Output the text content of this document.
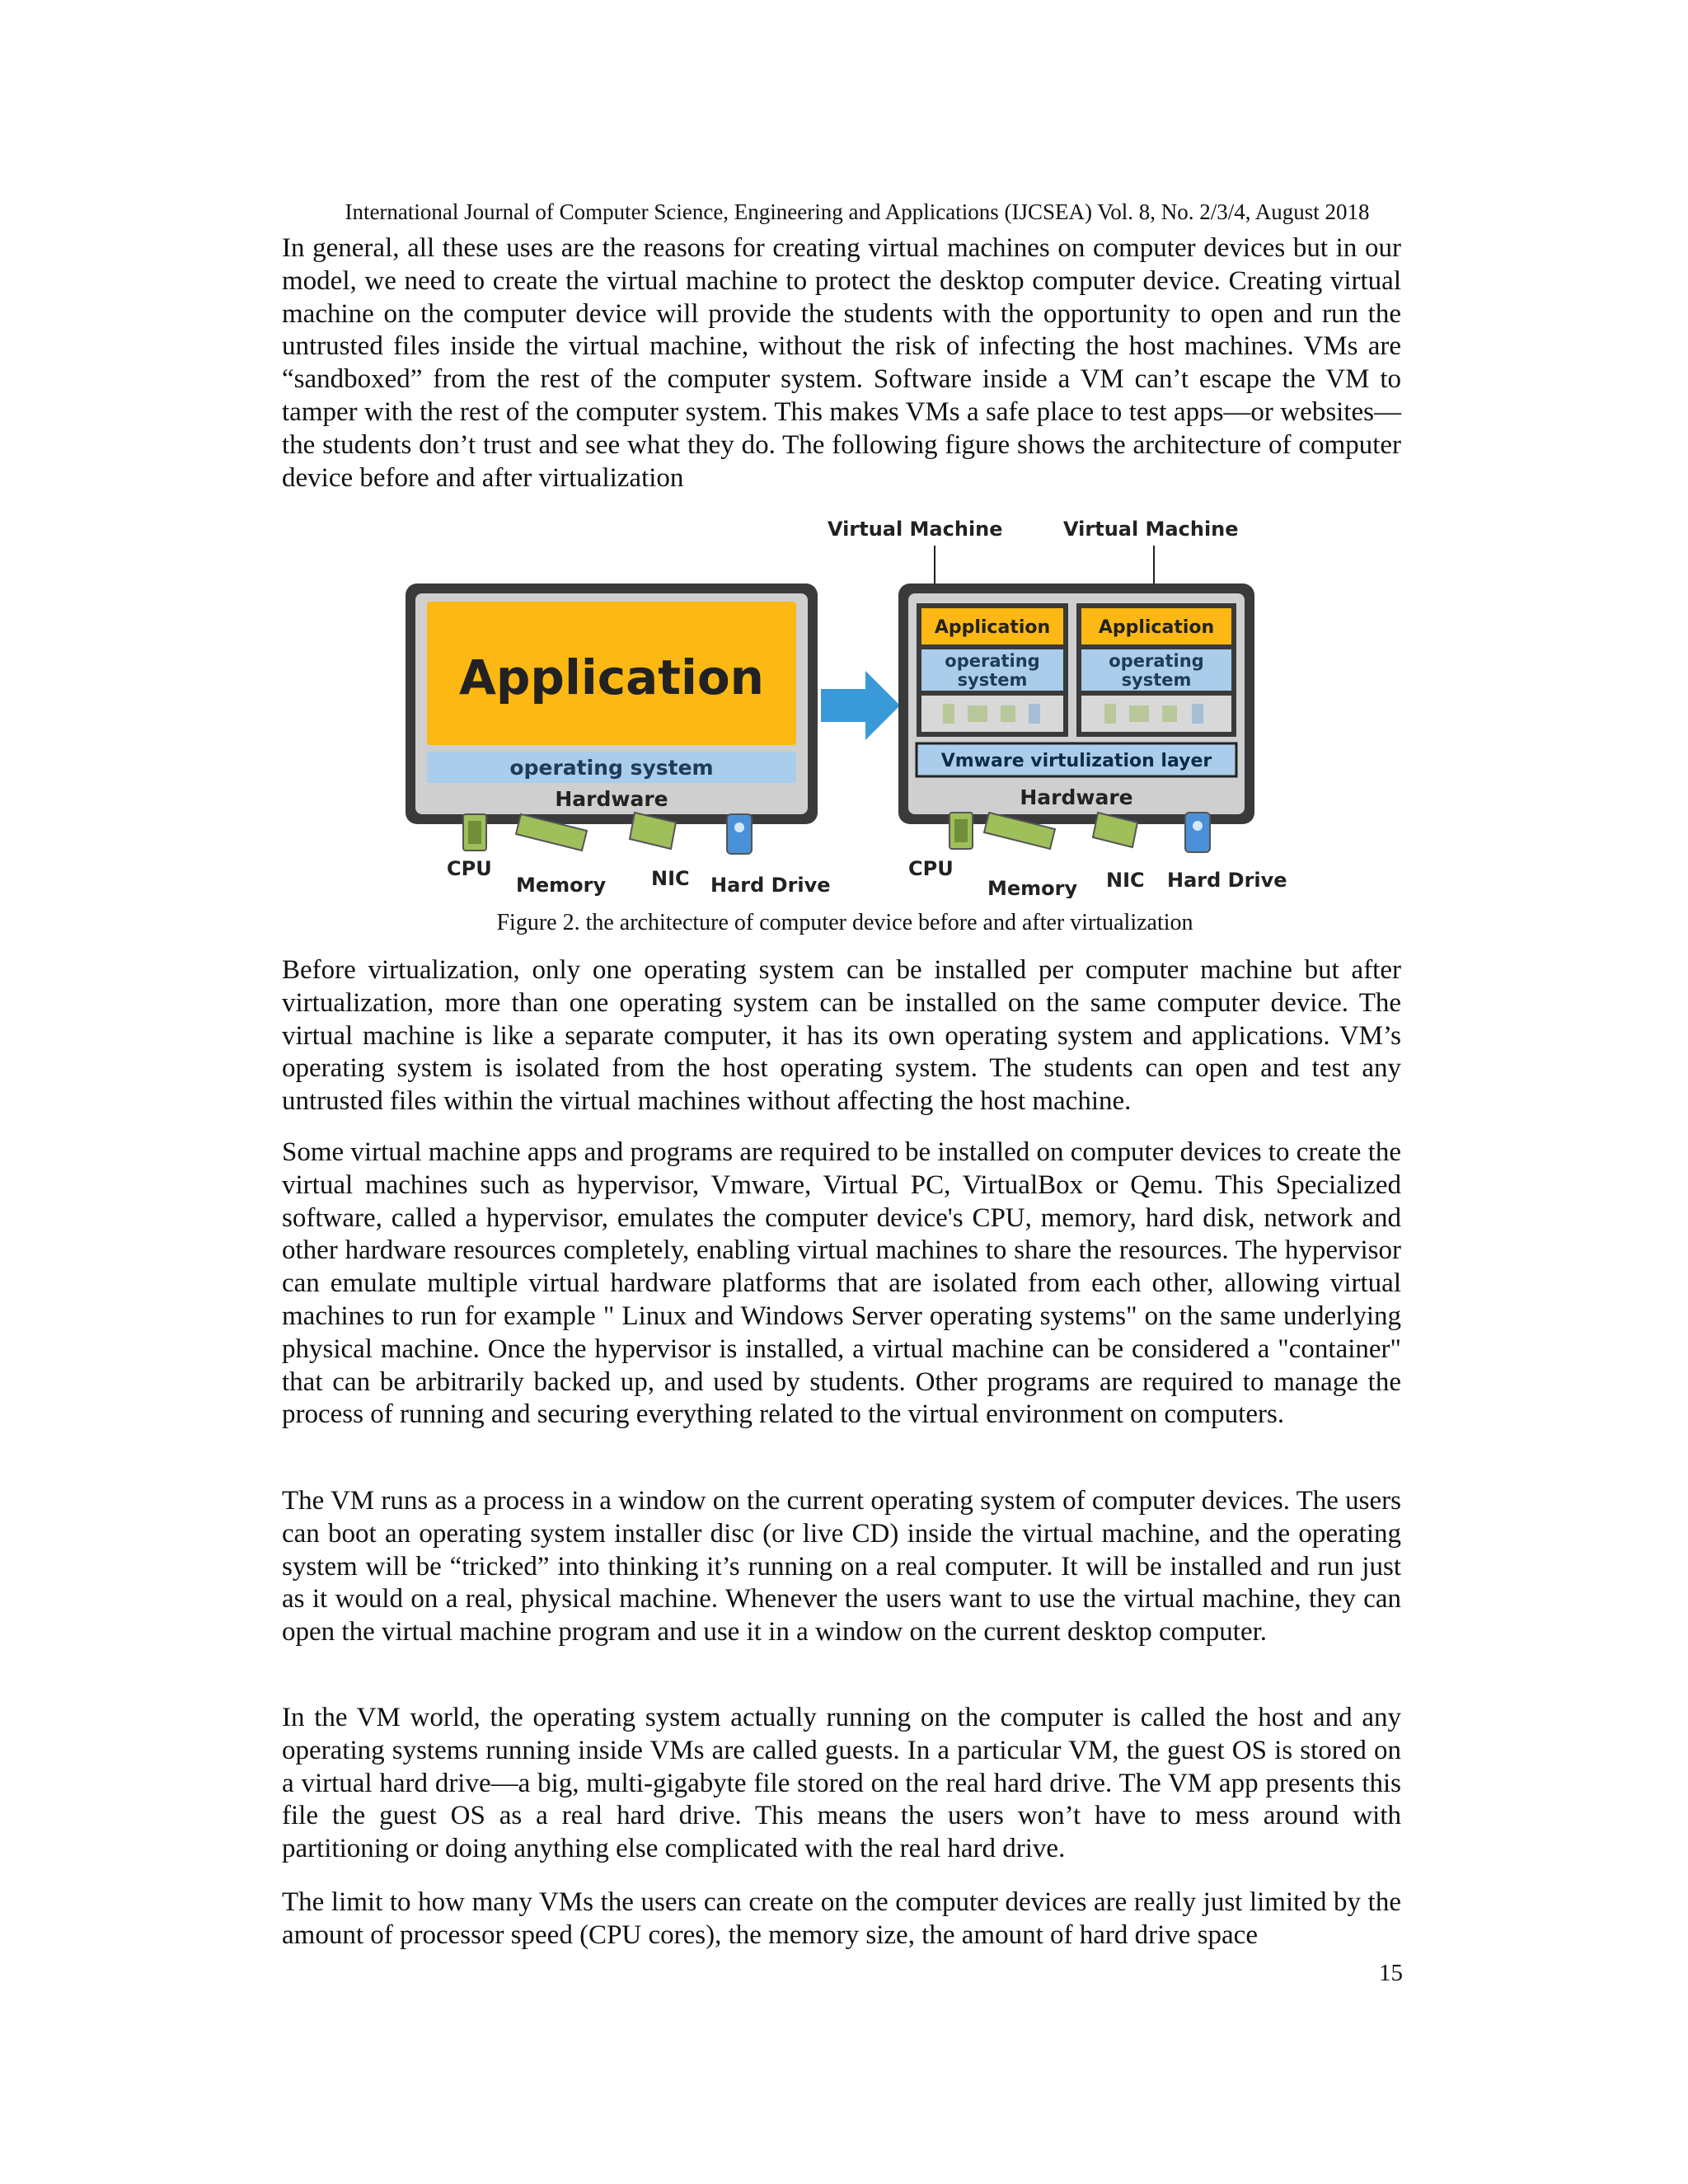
International Journal of Computer Science, Engineering and Applications (IJCSEA) Vol. 8, No. 2/3/4, August 2018

In general, all these uses are the reasons for creating virtual machines on computer devices but in our model, we need to create the virtual machine to protect the desktop computer device. Creating virtual machine on the computer device will provide the students with the opportunity to open and run the untrusted files inside the virtual machine, without the risk of infecting the host machines. VMs are “sandboxed” from the rest of the computer system. Software inside a VM can’t escape the VM to tamper with the rest of the computer system. This makes VMs a safe place to test apps—or websites—the students don’t trust and see what they do. The following figure shows the architecture of computer device before and after virtualization

Application
operating system
Hardware
CPU
Memory NIC Hard Drive
Virtual Machine	Virtual Machine
Application
operating
system
Application
operating
system
Vmware virtulization layer
Hardware
CPU
Memory NIC Hard Drive

Figure 2. the architecture of computer device before and after virtualization

Before virtualization, only one operating system can be installed per computer machine but after virtualization, more than one operating system can be installed on the same computer device. The virtual machine is like a separate computer, it has its own operating system and applications. VM’s operating system is isolated from the host operating system. The students can open and test any untrusted files within the virtual machines without affecting the host machine.

Some virtual machine apps and programs are required to be installed on computer devices to create the virtual machines such as hypervisor, Vmware, Virtual PC, VirtualBox or Qemu. This Specialized software, called a hypervisor, emulates the computer device's CPU, memory, hard disk, network and other hardware resources completely, enabling virtual machines to share the resources. The hypervisor can emulate multiple virtual hardware platforms that are isolated from each other, allowing virtual machines to run for example " Linux and Windows Server operating systems" on the same underlying physical machine. Once the hypervisor is installed, a virtual machine can be considered a "container" that can be arbitrarily backed up, and used by students. Other programs are required to manage the process of running and securing everything related to the virtual environment on computers.

The VM runs as a process in a window on the current operating system of computer devices. The users can boot an operating system installer disc (or live CD) inside the virtual machine, and the operating system will be “tricked” into thinking it’s running on a real computer. It will be installed and run just as it would on a real, physical machine. Whenever the users want to use the virtual machine, they can open the virtual machine program and use it in a window on the current desktop computer.

In the VM world, the operating system actually running on the computer is called the host and any operating systems running inside VMs are called guests. In a particular VM, the guest OS is stored on a virtual hard drive—a big, multi-gigabyte file stored on the real hard drive. The VM app presents this file the guest OS as a real hard drive. This means the users won’t have to mess around with partitioning or doing anything else complicated with the real hard drive.

The limit to how many VMs the users can create on the computer devices are really just limited by the amount of processor speed (CPU cores), the memory size, the amount of hard drive space

15
